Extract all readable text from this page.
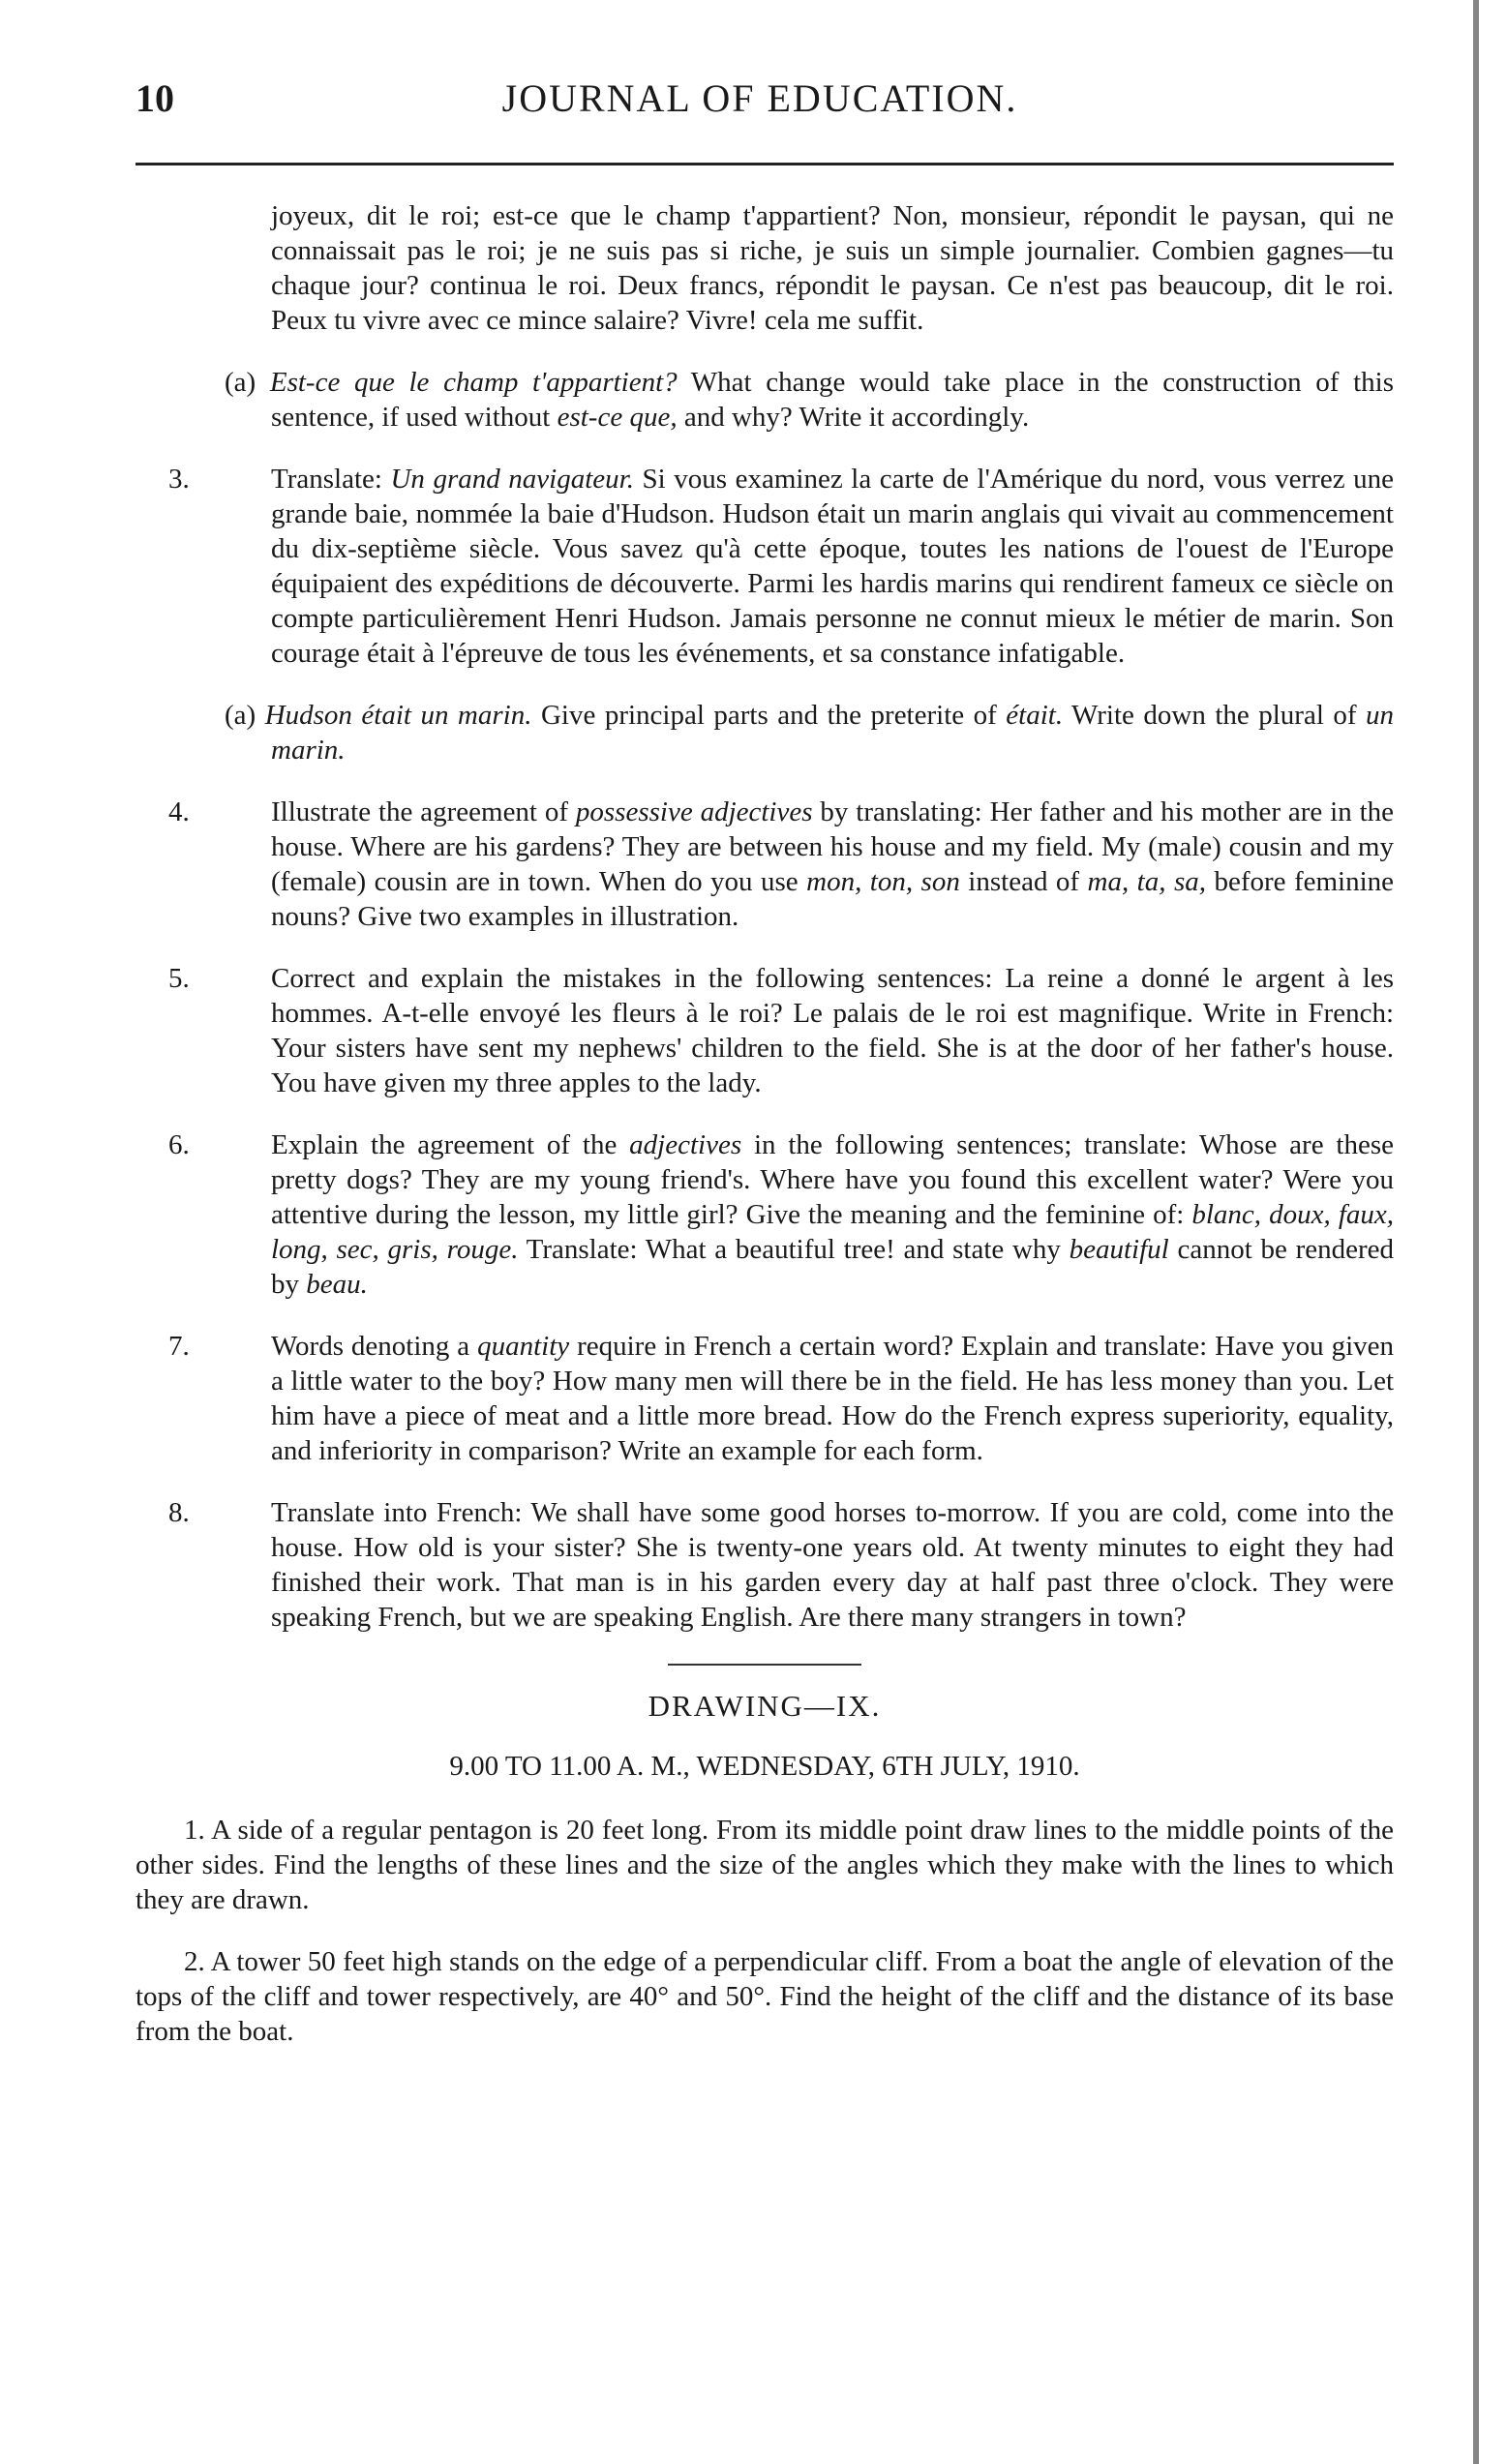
10	JOURNAL OF EDUCATION.

joyeux, dit le roi; est-ce que le champ t'appartient? Non, monsieur, répondit le paysan, qui ne connaissait pas le roi; je ne suis pas si riche, je suis un simple journalier. Combien gagnes—tu chaque jour? continua le roi. Deux francs, répondit le paysan. Ce n'est pas beaucoup, dit le roi. Peux tu vivre avec ce mince salaire? Vivre! cela me suffit.

(a) Est-ce que le champ t'appartient? What change would take place in the construction of this sentence, if used without est-ce que, and why? Write it accordingly.

3.	Translate: Un grand navigateur. Si vous examinez la carte de l'Amérique du nord, vous verrez une grande baie, nommée la baie d'Hudson. Hudson était un marin anglais qui vivait au commencement du dix-septième siècle. Vous savez qu'à cette époque, toutes les nations de l'ouest de l'Europe équipaient des expéditions de découverte. Parmi les hardis marins qui rendirent fameux ce siècle on compte particulièrement Henri Hudson. Jamais personne ne connut mieux le métier de marin. Son courage était à l'épreuve de tous les événements, et sa constance infatigable.

(a) Hudson était un marin. Give principal parts and the preterite of était. Write down the plural of un marin.

4.	Illustrate the agreement of possessive adjectives by translating: Her father and his mother are in the house. Where are his gardens? They are between his house and my field. My (male) cousin and my (female) cousin are in town. When do you use mon, ton, son instead of ma, ta, sa, before feminine nouns? Give two examples in illustration.
5.	Correct and explain the mistakes in the following sentences: La reine a donné le argent à les hommes. A-t-elle envoyé les fleurs à le roi? Le palais de le roi est magnifique. Write in French: Your sisters have sent my nephews' children to the field. She is at the door of her father's house. You have given my three apples to the lady.
6.	Explain the agreement of the adjectives in the following sentences; translate: Whose are these pretty dogs? They are my young friend's. Where have you found this excellent water? Were you attentive during the lesson, my little girl? Give the meaning and the feminine of: blanc, doux, faux, long, sec, gris, rouge. Translate: What a beautiful tree! and state why beautiful cannot be rendered by beau.
7.	Words denoting a quantity require in French a certain word? Explain and translate: Have you given a little water to the boy? How many men will there be in the field. He has less money than you. Let him have a piece of meat and a little more bread. How do the French express superiority, equality, and inferiority in comparison? Write an example for each form.
8.	Translate into French: We shall have some good horses to-morrow. If you are cold, come into the house. How old is your sister? She is twenty-one years old. At twenty minutes to eight they had finished their work. That man is in his garden every day at half past three o'clock. They were speaking French, but we are speaking English. Are there many strangers in town?
DRAWING—IX.
9.00 TO 11.00 A. M., WEDNESDAY, 6TH JULY, 1910.

1. A side of a regular pentagon is 20 feet long. From its middle point draw lines to the middle points of the other sides. Find the lengths of these lines and the size of the angles which they make with the lines to which they are drawn.

2. A tower 50 feet high stands on the edge of a perpendicular cliff. From a boat the angle of elevation of the tops of the cliff and tower respectively, are 40° and 50°. Find the height of the cliff and the distance of its base from the boat.
